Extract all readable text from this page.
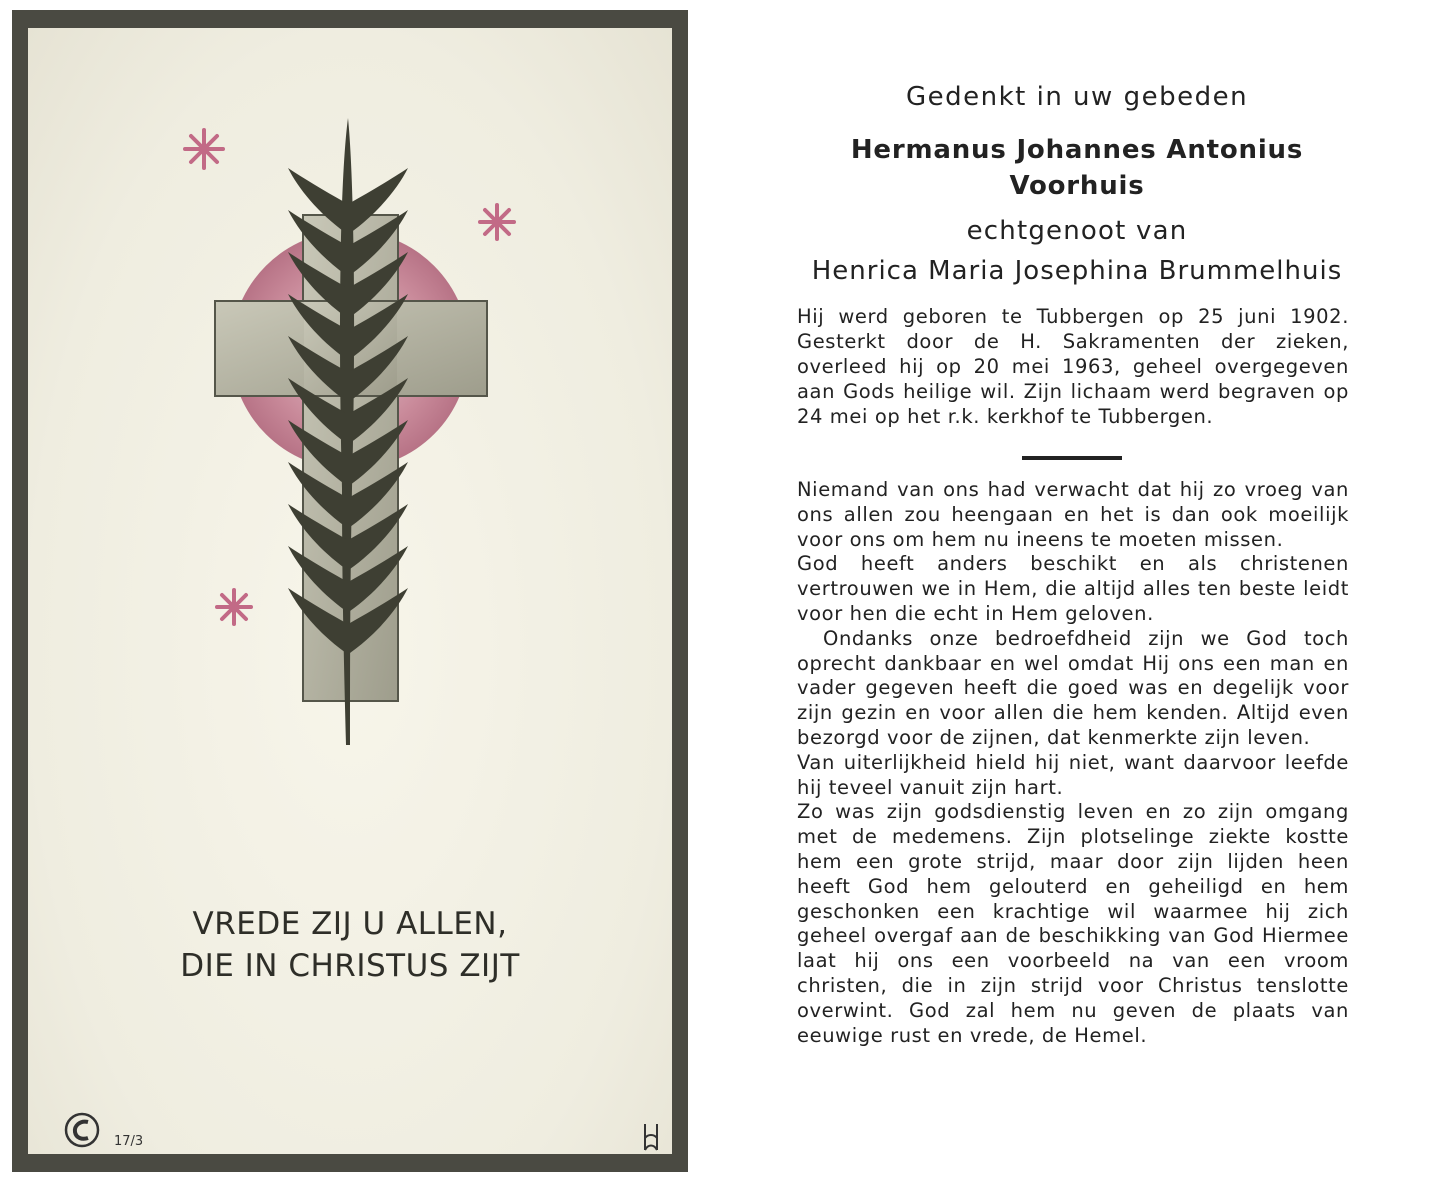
VREDE ZIJ U ALLEN,
DIE IN CHRISTUS ZIJT
17/3
Gedenkt in uw gebeden
Hermanus Johannes Antonius
Voorhuis
echtgenoot van
Henrica Maria Josephina Brummelhuis
Hij werd geboren te Tubbergen op 25 juni 1902. Gesterkt door de H. Sakramenten der zieken, overleed hij op 20 mei 1963, geheel overgegeven aan Gods heilige wil. Zijn lichaam werd begraven op 24 mei op het r.k. kerkhof te Tubbergen.

Niemand van ons had verwacht dat hij zo vroeg van ons allen zou heengaan en het is dan ook moeilijk voor ons om hem nu ineens te moeten missen.

God heeft anders beschikt en als christenen vertrouwen we in Hem, die altijd alles ten beste leidt voor hen die echt in Hem geloven.

Ondanks onze bedroefdheid zijn we God toch oprecht dankbaar en wel omdat Hij ons een man en vader gegeven heeft die goed was en degelijk voor zijn gezin en voor allen die hem kenden. Altijd even bezorgd voor de zijnen, dat kenmerkte zijn leven.

Van uiterlijkheid hield hij niet, want daarvoor leefde hij teveel vanuit zijn hart.

Zo was zijn godsdienstig leven en zo zijn omgang met de medemens. Zijn plotselinge ziekte kostte hem een grote strijd, maar door zijn lijden heen heeft God hem gelouterd en geheiligd en hem geschonken een krachtige wil waarmee hij zich geheel overgaf aan de beschikking van God Hiermee laat hij ons een voorbeeld na van een vroom christen, die in zijn strijd voor Christus tenslotte overwint. God zal hem nu geven de plaats van eeuwige rust en vrede, de Hemel.
